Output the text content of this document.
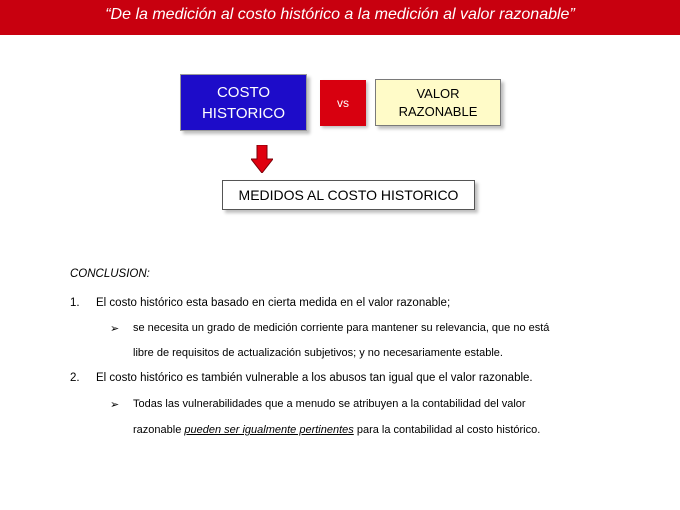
“De la medición al costo histórico a la medición al valor razonable”
COSTO
HISTORICO
vs
VALOR
RAZONABLE
MEDIDOS AL COSTO HISTORICO
CONCLUSION:
1. El costo histórico esta basado en cierta medida en el valor razonable;
➢ se necesita un grado de medición corriente para mantener su relevancia, que no está
libre de requisitos de actualización subjetivos; y no necesariamente estable.
2. El costo histórico es también vulnerable a los abusos tan igual que el valor razonable.
➢ Todas las vulnerabilidades que a menudo se atribuyen a la contabilidad del valor
razonable pueden ser igualmente pertinentes para la contabilidad al costo histórico.
